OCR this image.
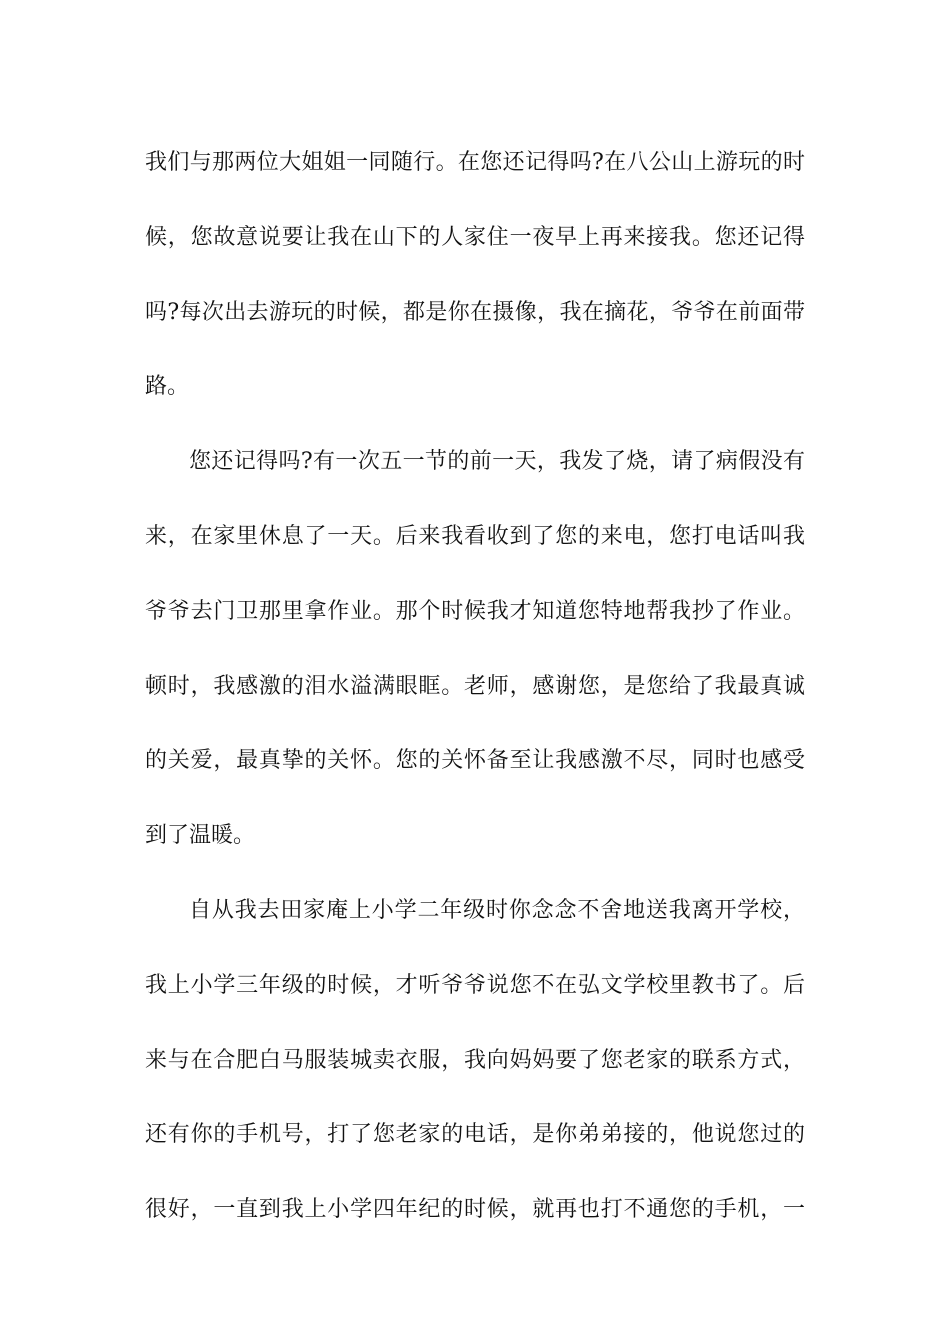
我们与那两位大姐姐一同随行。在您还记得吗?在八公山上游玩的时
候，您故意说要让我在山下的人家住一夜早上再来接我。您还记得
吗?每次出去游玩的时候，都是你在摄像，我在摘花，爷爷在前面带
路。
您还记得吗?有一次五一节的前一天，我发了烧，请了病假没有
来，在家里休息了一天。后来我看收到了您的来电，您打电话叫我
爷爷去门卫那里拿作业。那个时候我才知道您特地帮我抄了作业。
顿时，我感激的泪水溢满眼眶。老师，感谢您，是您给了我最真诚
的关爱，最真挚的关怀。您的关怀备至让我感激不尽，同时也感受
到了温暖。
自从我去田家庵上小学二年级时你念念不舍地送我离开学校，
我上小学三年级的时候，才听爷爷说您不在弘文学校里教书了。后
来与在合肥白马服装城卖衣服，我向妈妈要了您老家的联系方式，
还有你的手机号，打了您老家的电话，是你弟弟接的，他说您过的
很好，一直到我上小学四年纪的时候，就再也打不通您的手机，一
